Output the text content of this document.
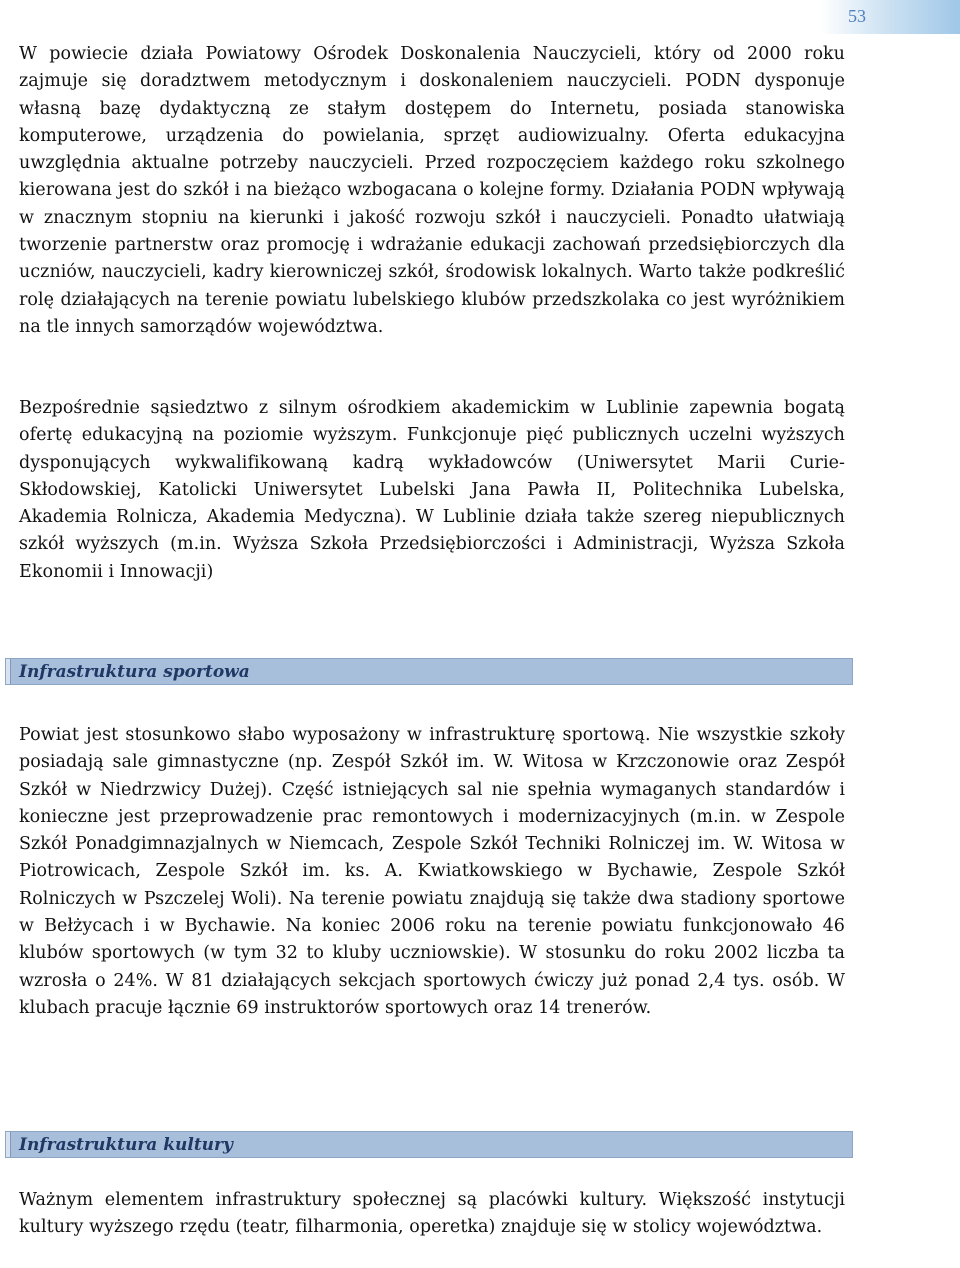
53

W powiecie działa Powiatowy Ośrodek Doskonalenia Nauczycieli, który od 2000 roku zajmuje się doradztwem metodycznym i doskonaleniem nauczycieli. PODN dysponuje własną bazę dydaktyczną ze stałym dostępem do Internetu, posiada stanowiska komputerowe, urządzenia do powielania, sprzęt audiowizualny. Oferta edukacyjna uwzględnia aktualne potrzeby nauczycieli. Przed rozpoczęciem każdego roku szkolnego kierowana jest do szkół i na bieżąco wzbogacana o kolejne formy. Działania PODN wpływają w znacznym stopniu na kierunki i jakość rozwoju szkół i nauczycieli. Ponadto ułatwiają tworzenie partnerstw oraz promocję i wdrażanie edukacji zachowań przedsiębiorczych dla uczniów, nauczycieli, kadry kierowniczej szkół, środowisk lokalnych. Warto także podkreślić rolę działających na terenie powiatu lubelskiego klubów przedszkolaka co jest wyróżnikiem na tle innych samorządów województwa.

Bezpośrednie sąsiedztwo z silnym ośrodkiem akademickim w Lublinie zapewnia bogatą ofertę edukacyjną na poziomie wyższym. Funkcjonuje pięć publicznych uczelni wyższych dysponujących wykwalifikowaną kadrą wykładowców (Uniwersytet Marii Curie-Skłodowskiej, Katolicki Uniwersytet Lubelski Jana Pawła II, Politechnika Lubelska, Akademia Rolnicza, Akademia Medyczna). W Lublinie działa także szereg niepublicznych szkół wyższych (m.in. Wyższa Szkoła Przedsiębiorczości i Administracji, Wyższa Szkoła Ekonomii i Innowacji)

Infrastruktura sportowa

Powiat jest stosunkowo słabo wyposażony w infrastrukturę sportową. Nie wszystkie szkoły posiadają sale gimnastyczne (np. Zespół Szkół im. W. Witosa w Krzczonowie oraz Zespół Szkół w Niedrzwicy Dużej). Część istniejących sal nie spełnia wymaganych standardów i konieczne jest przeprowadzenie prac remontowych i modernizacyjnych (m.in. w Zespole Szkół Ponadgimnazjalnych w Niemcach, Zespole Szkół Techniki Rolniczej im. W. Witosa w Piotrowicach, Zespole Szkół im. ks. A. Kwiatkowskiego w Bychawie, Zespole Szkół Rolniczych w Pszczelej Woli). Na terenie powiatu znajdują się także dwa stadiony sportowe w Bełżycach i w Bychawie. Na koniec 2006 roku na terenie powiatu funkcjonowało 46 klubów sportowych (w tym 32 to kluby uczniowskie). W stosunku do roku 2002 liczba ta wzrosła o 24%. W 81 działających sekcjach sportowych ćwiczy już ponad 2,4 tys. osób. W klubach pracuje łącznie 69 instruktorów sportowych oraz 14 trenerów.

Infrastruktura kultury

Ważnym elementem infrastruktury społecznej są placówki kultury. Większość instytucji kultury wyższego rzędu (teatr, filharmonia, operetka) znajduje się w stolicy województwa.
